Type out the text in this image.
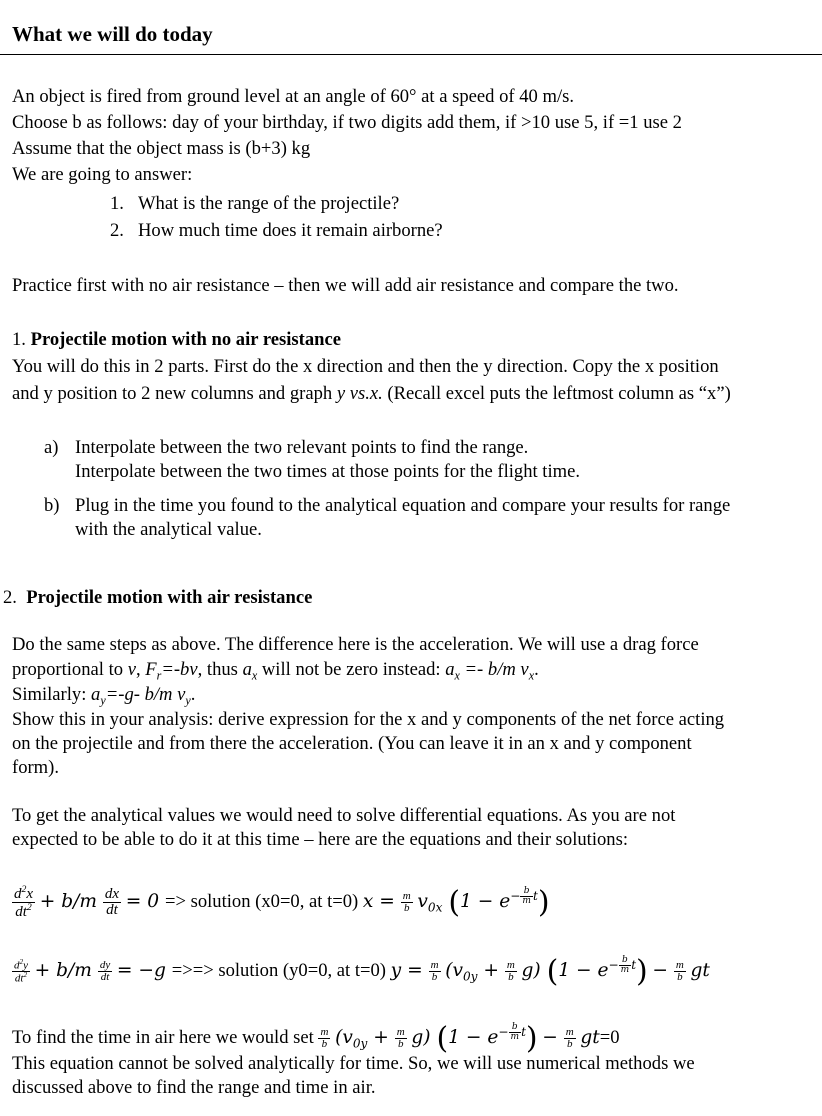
What we will do today
An object is fired from ground level at an angle of 60° at a speed of 40 m/s.
Choose b as follows: day of your birthday, if two digits add them, if >10 use 5, if =1 use 2
Assume that the object mass is (b+3) kg
We are going to answer:
1. What is the range of the projectile?
2. How much time does it remain airborne?
Practice first with no air resistance – then we will add air resistance and compare the two.
1. Projectile motion with no air resistance
You will do this in 2 parts. First do the x direction and then the y direction. Copy the x position
and y position to 2 new columns and graph y vs.x. (Recall excel puts the leftmost column as “x”)
a) Interpolate between the two relevant points to find the range.
Interpolate between the two times at those points for the flight time.
b) Plug in the time you found to the analytical equation and compare your results for range
with the analytical value.
2. Projectile motion with air resistance
Do the same steps as above. The difference here is the acceleration. We will use a drag force
proportional to v, $F_r=-bv$, thus $a_x$ will not be zero instead: $a_x =- b/m$ $v_x$.
Similarly: $a_y=-g-$ b/m $v_y$.
Show this in your analysis: derive expression for the x and y components of the net force acting
on the projectile and from there the acceleration. (You can leave it in an x and y component
form).
To get the analytical values we would need to solve differential equations. As you are not
expected to be able to do it at this time – here are the equations and their solutions:
$\frac{d^2x}{dt^2} + b/m \frac{dx}{dt} = 0$ => solution (x0=0, at t=0) $x = \frac{m}{b} v_{0x}$ $(1 - e^{- \frac{b}{m} t})$
$\frac{d^2y}{dt^2} + b/m \frac{dy}{dt} = -g$ =>=> solution (y0=0, at t=0) $y = \frac{m}{b} (v_{0y} + \frac{m}{b} g) (1 - e^{- \frac{b}{m} t}) - \frac{m}{b}$ gt
To find the time in air here we would set $\frac{m}{b} (v_{0y} + \frac{m}{b} g) (1 - e^{- \frac{b}{m} t}) - \frac{m}{b} gt=0$
This equation cannot be solved analytically for time. So, we will use numerical methods we
discussed above to find the range and time in air.
